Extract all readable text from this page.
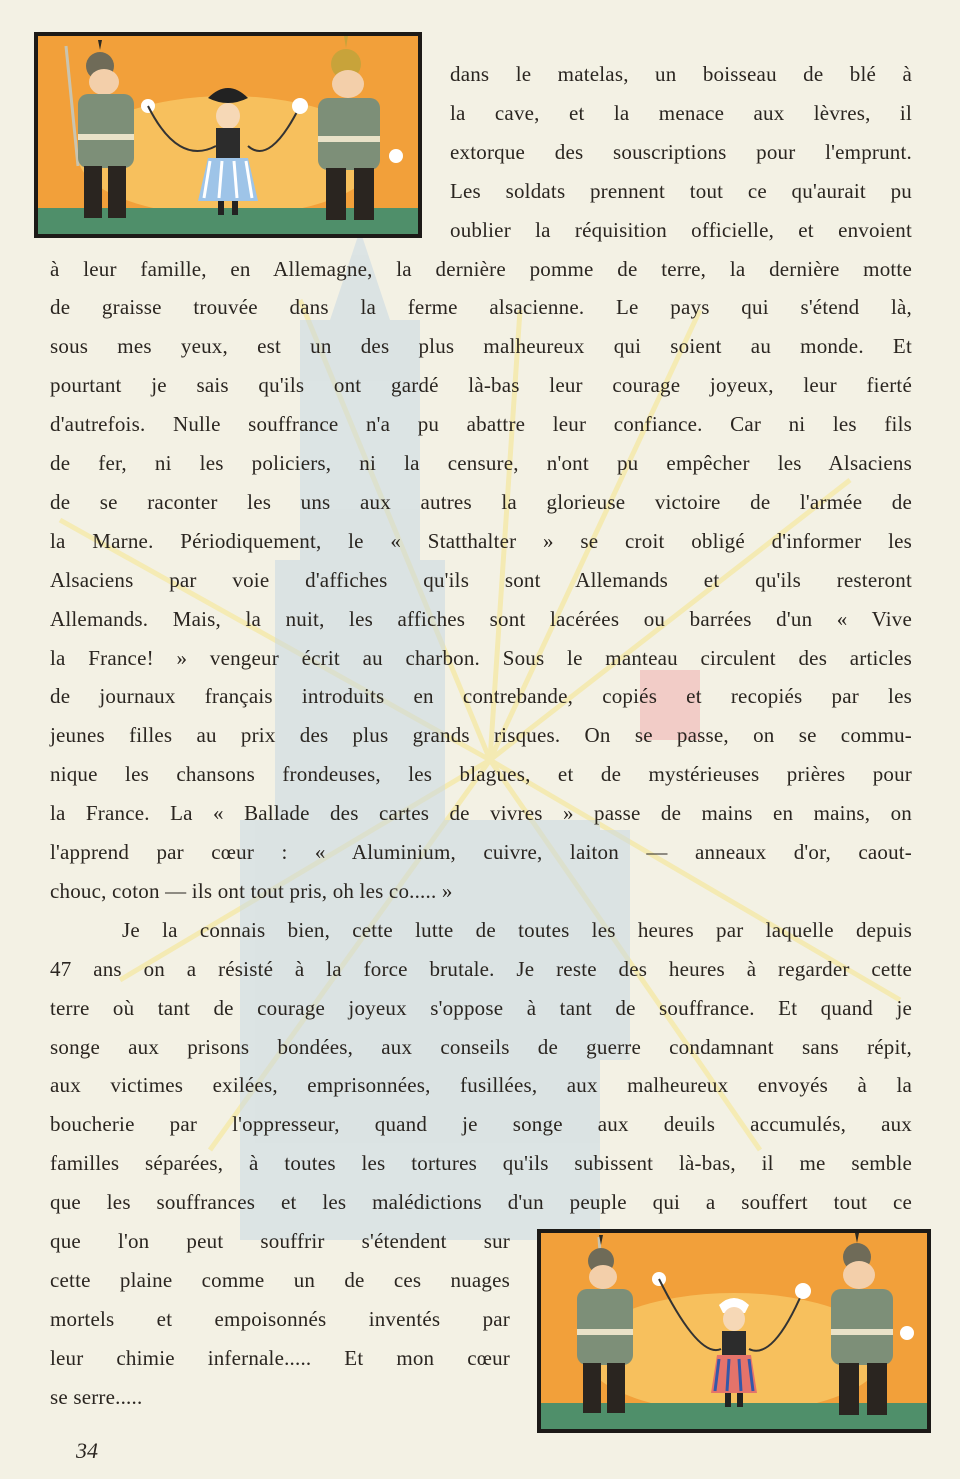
dans le matelas, un boisseau de blé à

la cave, et la menace aux lèvres, il

extorque des souscriptions pour l'emprunt.

Les soldats prennent tout ce qu'aurait pu

oublier la réquisition officielle, et envoient

à leur famille, en Allemagne, la dernière pomme de terre, la dernière motte

de graisse trouvée dans la ferme alsacienne. Le pays qui s'étend là,

sous mes yeux, est un des plus malheureux qui soient au monde. Et

pourtant je sais qu'ils ont gardé là-bas leur courage joyeux, leur fierté

d'autrefois. Nulle souffrance n'a pu abattre leur confiance. Car ni les fils

de fer, ni les policiers, ni la censure, n'ont pu empêcher les Alsaciens

de se raconter les uns aux autres la glorieuse victoire de l'armée de

la Marne. Périodiquement, le « Statthalter » se croit obligé d'informer les

Alsaciens par voie d'affiches qu'ils sont Allemands et qu'ils resteront

Allemands. Mais, la nuit, les affiches sont lacérées ou barrées d'un « Vive

la France! » vengeur écrit au charbon. Sous le manteau circulent des articles

de journaux français introduits en contrebande, copiés et recopiés par les

jeunes filles au prix des plus grands risques. On se passe, on se commu-

nique les chansons frondeuses, les blagues, et de mystérieuses prières pour

la France. La « Ballade des cartes de vivres » passe de mains en mains, on

l'apprend par cœur : « Aluminium, cuivre, laiton — anneaux d'or, caout-

chouc, coton — ils ont tout pris, oh les co..... »

Je la connais bien, cette lutte de toutes les heures par laquelle depuis

47 ans on a résisté à la force brutale. Je reste des heures à regarder cette

terre où tant de courage joyeux s'oppose à tant de souffrance. Et quand je

songe aux prisons bondées, aux conseils de guerre condamnant sans répit,

aux victimes exilées, emprisonnées, fusillées, aux malheureux envoyés à la

boucherie par l'oppresseur, quand je songe aux deuils accumulés, aux

familles séparées, à toutes les tortures qu'ils subissent là-bas, il me semble

que les souffrances et les malédictions d'un peuple qui a souffert tout ce

que l'on peut souffrir s'étendent sur

cette plaine comme un de ces nuages

mortels et empoisonnés inventés par

leur chimie infernale..... Et mon cœur

se serre.....

34
